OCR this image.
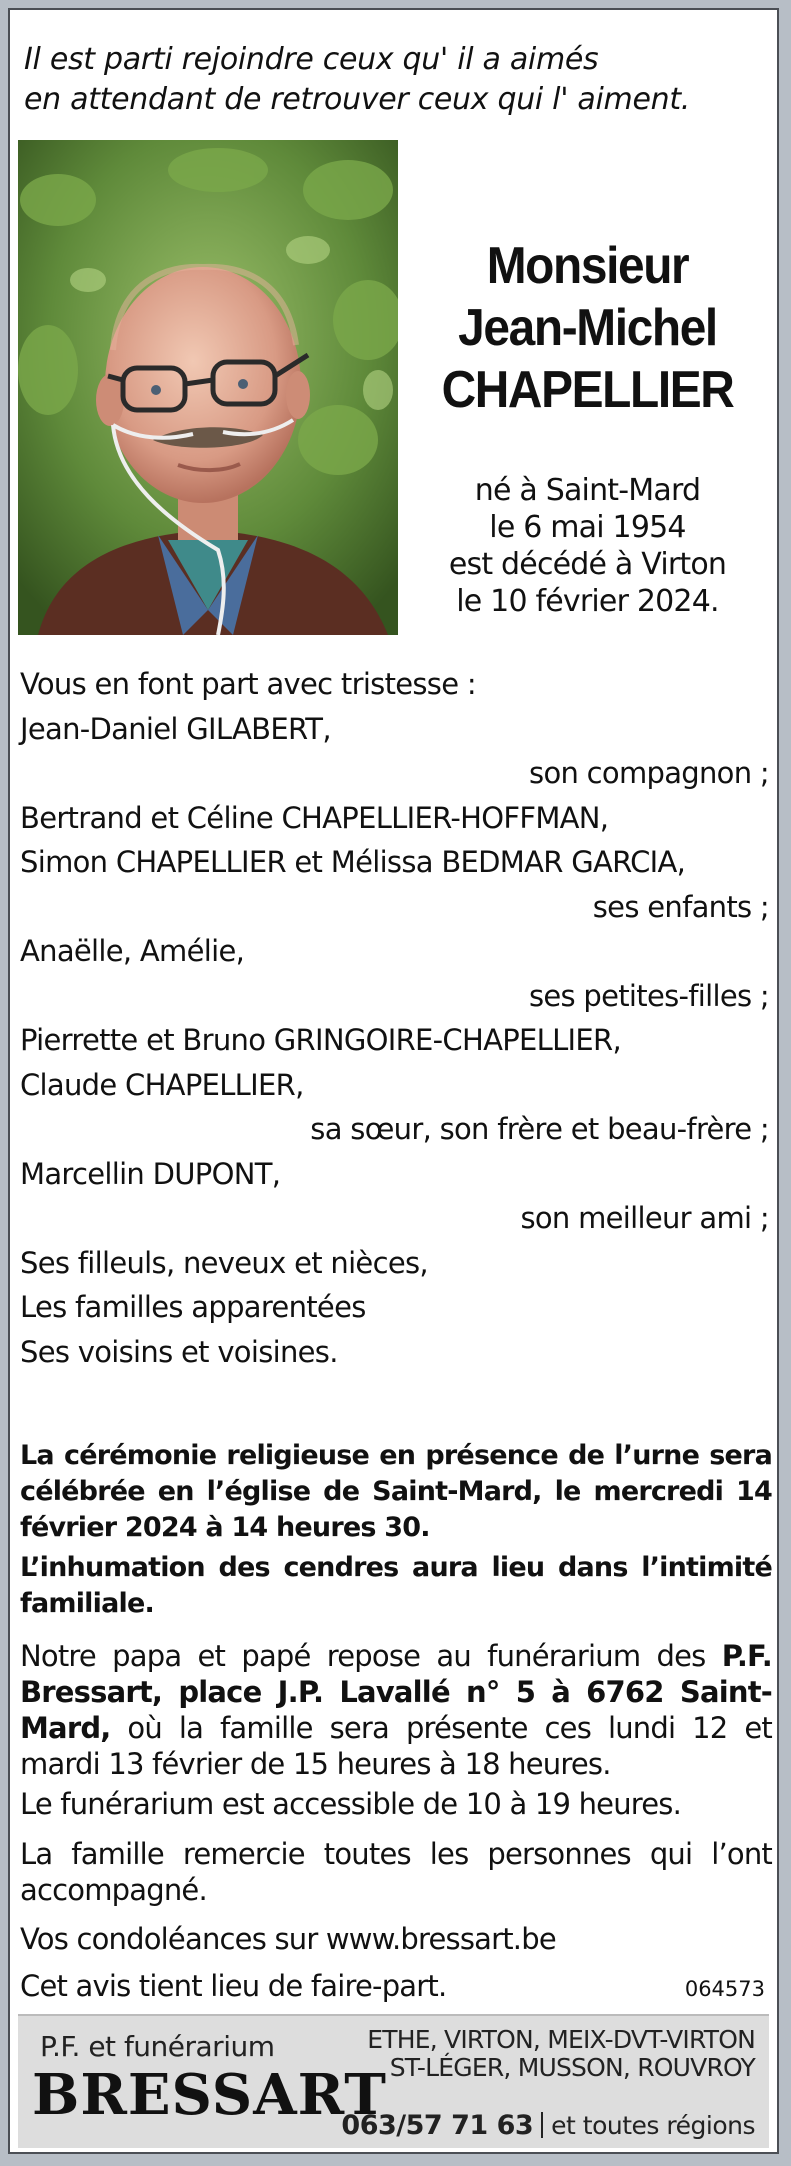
Il est parti rejoindre ceux qu' il a aimés
en attendant de retrouver ceux qui l' aiment.
Monsieur
Jean-Michel
CHAPELLIER
né à Saint-Mard
le 6 mai 1954
est décédé à Virton
le 10 février 2024.
Vous en font part avec tristesse :
Jean-Daniel GILABERT,
son compagnon ;
Bertrand et Céline CHAPELLIER-HOFFMAN,
Simon CHAPELLIER et Mélissa BEDMAR GARCIA,
ses enfants ;
Anaëlle, Amélie,
ses petites-filles ;
Pierrette et Bruno GRINGOIRE-CHAPELLIER,
Claude CHAPELLIER,
sa sœur, son frère et beau-frère ;
Marcellin DUPONT,
son meilleur ami ;
Ses filleuls, neveux et nièces,
Les familles apparentées
Ses voisins et voisines.
La cérémonie religieuse en présence de l’urne sera célébrée en l’église de Saint-Mard, le mercredi 14 février 2024 à 14 heures 30.
L’inhumation des cendres aura lieu dans l’intimité familiale.
Notre papa et papé repose au funérarium des P.F. Bressart, place J.P. Lavallé n° 5 à 6762 Saint-Mard, où la famille sera présente ces lundi 12 et mardi 13 février de 15 heures à 18 heures.
Le funérarium est accessible de 10 à 19 heures.
La famille remercie toutes les personnes qui l’ont accompagné.
Vos condoléances sur www.bressart.be
Cet avis tient lieu de faire-part.	064573
P.F. et funérarium
BRESSART
ETHE, VIRTON, MEIX-DVT-VIRTON
ST-LÉGER, MUSSON, ROUVROY
063/57 71 63 et toutes régions
